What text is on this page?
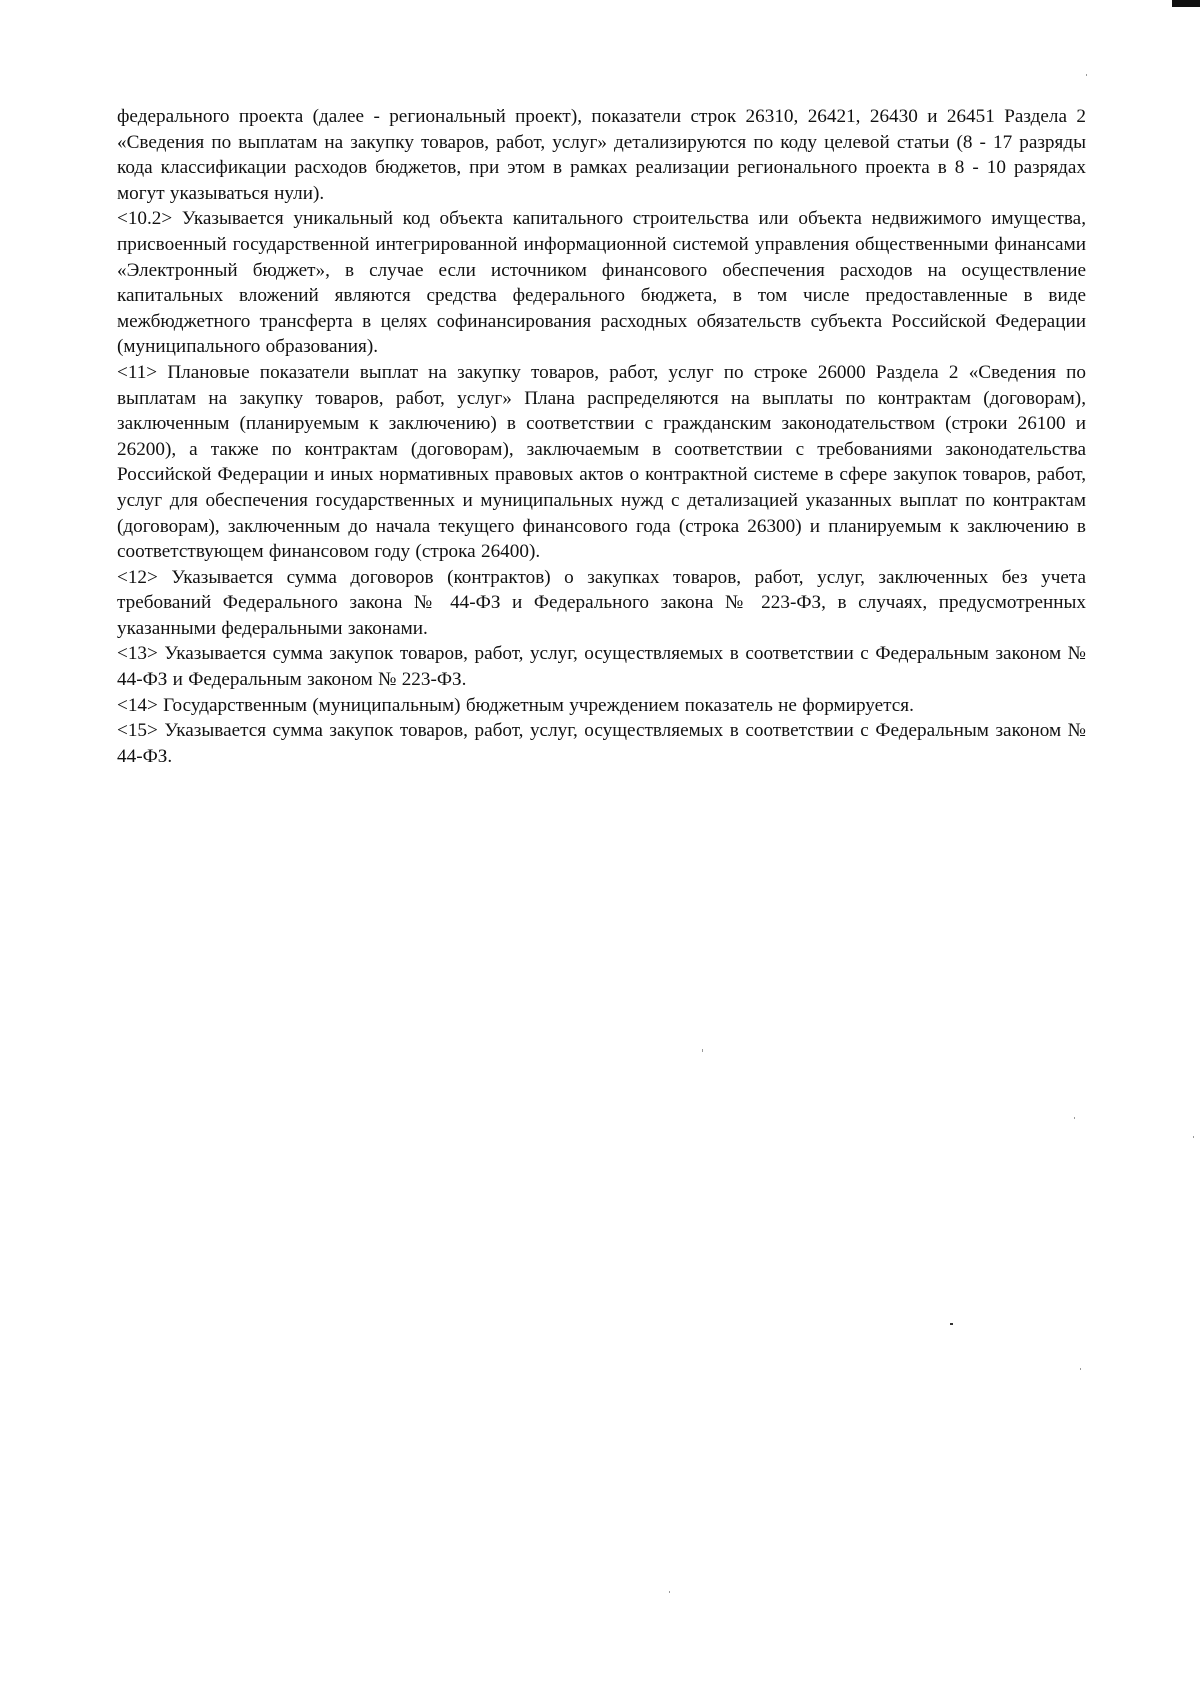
федерального проекта (далее - региональный проект), показатели строк 26310, 26421, 26430 и 26451 Раздела 2 «Сведения по выплатам на закупку товаров, работ, услуг» детализируются по коду целевой статьи (8 - 17 разряды кода классификации расходов бюджетов, при этом в рамках реализации регионального проекта в 8 - 10 разрядах могут указываться нули).

<10.2> Указывается уникальный код объекта капитального строительства или объекта недвижимого имущества, присвоенный государственной интегрированной информационной системой управления общественными финансами «Электронный бюджет», в случае если источником финансового обеспечения расходов на осуществление капитальных вложений являются средства федерального бюджета, в том числе предоставленные в виде межбюджетного трансферта в целях софинансирования расходных обязательств субъекта Российской Федерации (муниципального образования).

<11> Плановые показатели выплат на закупку товаров, работ, услуг по строке 26000 Раздела 2 «Сведения по выплатам на закупку товаров, работ, услуг» Плана распределяются на выплаты по контрактам (договорам), заключенным (планируемым к заключению) в соответствии с гражданским законодательством (строки 26100 и 26200), а также по контрактам (договорам), заключаемым в соответствии с требованиями законодательства Российской Федерации и иных нормативных правовых актов о контрактной системе в сфере закупок товаров, работ, услуг для обеспечения государственных и муниципальных нужд с детализацией указанных выплат по контрактам (договорам), заключенным до начала текущего финансового года (строка 26300) и планируемым к заключению в соответствующем финансовом году (строка 26400).

<12> Указывается сумма договоров (контрактов) о закупках товаров, работ, услуг, заключенных без учета требований Федерального закона № 44-ФЗ и Федерального закона № 223-ФЗ, в случаях, предусмотренных указанными федеральными законами.

<13> Указывается сумма закупок товаров, работ, услуг, осуществляемых в соответствии с Федеральным законом № 44-ФЗ и Федеральным законом № 223-ФЗ.

<14> Государственным (муниципальным) бюджетным учреждением показатель не формируется.

<15> Указывается сумма закупок товаров, работ, услуг, осуществляемых в соответствии с Федеральным законом № 44-ФЗ.
